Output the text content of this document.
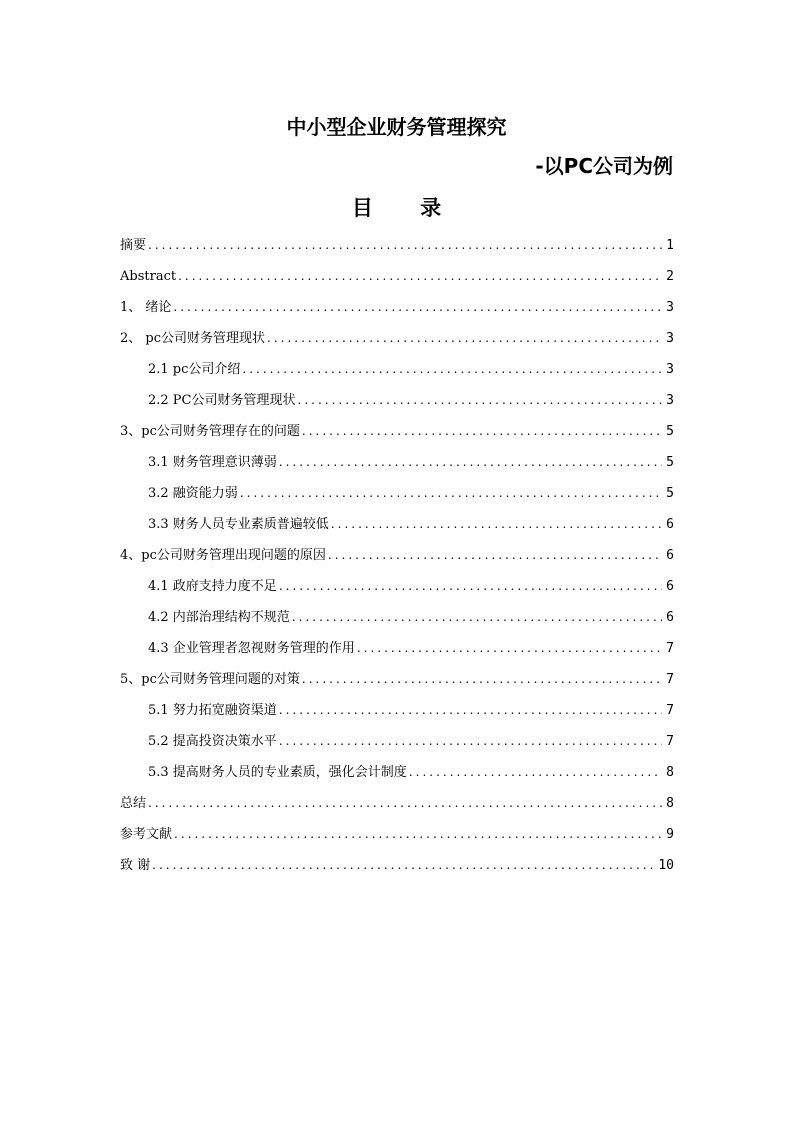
中小型企业财务管理探究
-以PC公司为例
目 录
摘要 .....	1
Abstract .....	2
1、 绪论 .....	3
2、 pc公司财务管理现状 .....	3
2.1 pc公司介绍 .....	3
2.2 PC公司财务管理现状 .....	3
3、pc公司财务管理存在的问题 .....	5
3.1 财务管理意识薄弱 .....	5
3.2 融资能力弱 .....	5
3.3 财务人员专业素质普遍较低 .....	6
4、pc公司财务管理出现问题的原因 .....	6
4.1 政府支持力度不足 .....	6
4.2 内部治理结构不规范 .....	6
4.3 企业管理者忽视财务管理的作用 .....	7
5、pc公司财务管理问题的对策 .....	7
5.1 努力拓宽融资渠道 .....	7
5.2 提高投资决策水平 .....	7
5.3 提高财务人员的专业素质，强化会计制度 .....	8
总结 .....	8
参考文献 .....	9
致 谢 .....	10
